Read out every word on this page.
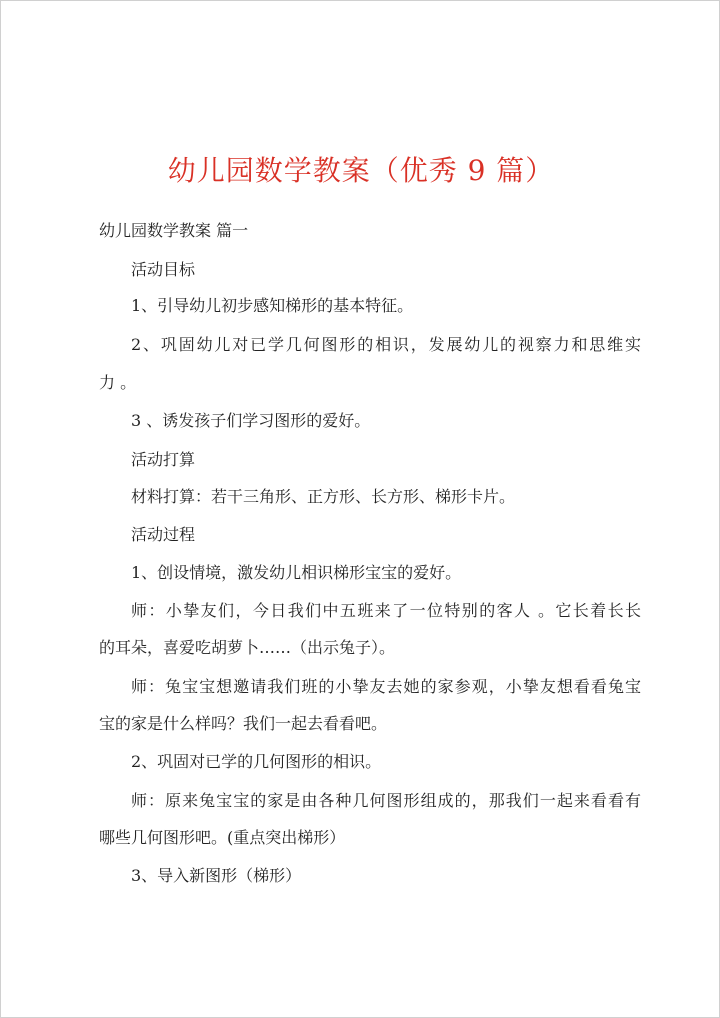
幼儿园数学教案（优秀 9 篇）

幼儿园数学教案 篇一

活动目标

1、引导幼儿初步感知梯形的基本特征。

2、巩固幼儿对已学几何图形的相识，发展幼儿的视察力和思维实

力 。

3 、诱发孩子们学习图形的爱好。

活动打算

材料打算：若干三角形、正方形、长方形、梯形卡片。

活动过程

1、创设情境，激发幼儿相识梯形宝宝的爱好。

师：小挚友们，今日我们中五班来了一位特别的客人 。它长着长长

的耳朵，喜爱吃胡萝卜……（出示兔子）。

师：兔宝宝想邀请我们班的小挚友去她的家参观，小挚友想看看兔宝

宝的家是什么样吗？我们一起去看看吧。

2、巩固对已学的几何图形的相识。

师：原来兔宝宝的家是由各种几何图形组成的，那我们一起来看看有

哪些几何图形吧。(重点突出梯形）

3、导入新图形（梯形）
